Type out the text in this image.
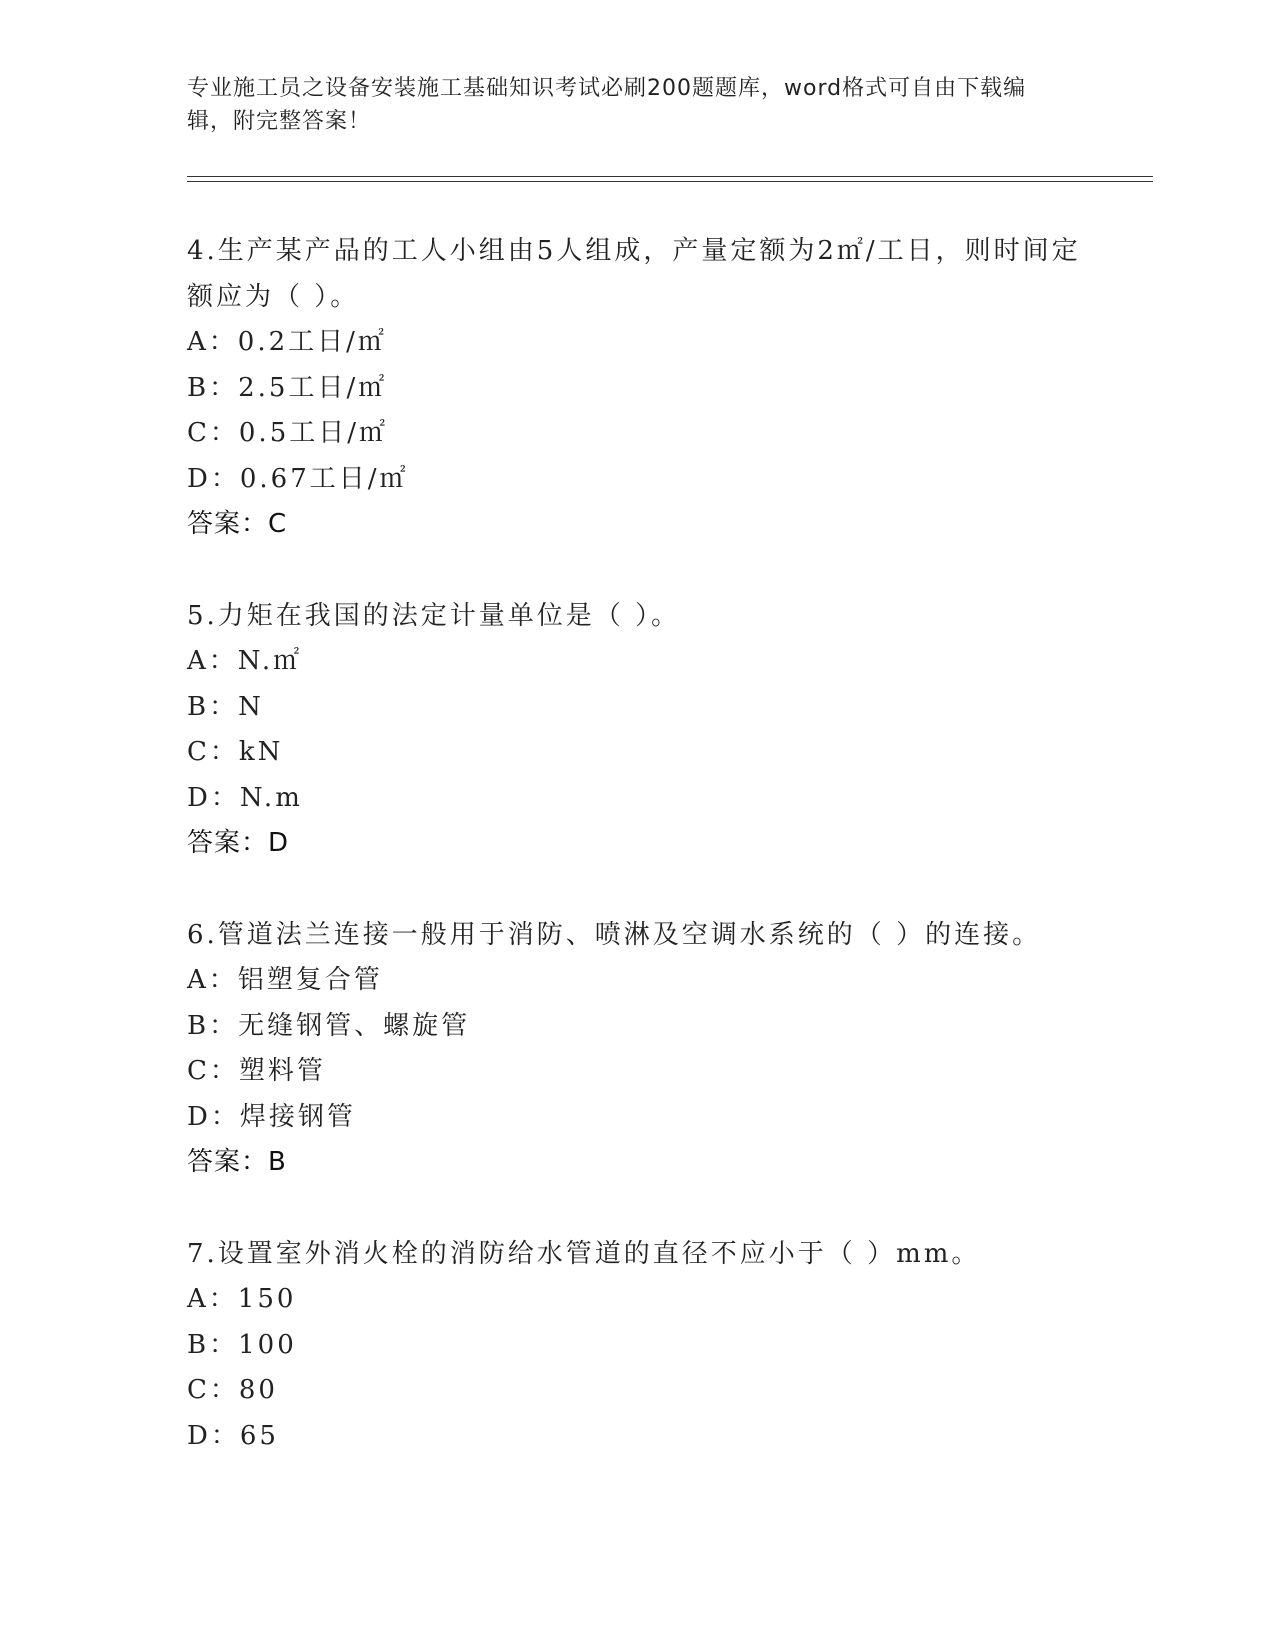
专业施工员之设备安装施工基础知识考试必刷200题题库，word格式可自由下载编辑，附完整答案！
4.生产某产品的工人小组由5人组成，产量定额为2㎡/工日，则时间定额应为（ ）。
A：0.2工日/㎡
B：2.5工日/㎡
C：0.5工日/㎡
D：0.67工日/㎡
答案：C
5.力矩在我国的法定计量单位是（ ）。
A：N.㎡
B：N
C：kN
D：N.m
答案：D
6.管道法兰连接一般用于消防、喷淋及空调水系统的（ ）的连接。
A：铝塑复合管
B：无缝钢管、螺旋管
C：塑料管
D：焊接钢管
答案：B
7.设置室外消火栓的消防给水管道的直径不应小于（ ）mm。
A：150
B：100
C：80
D：65
